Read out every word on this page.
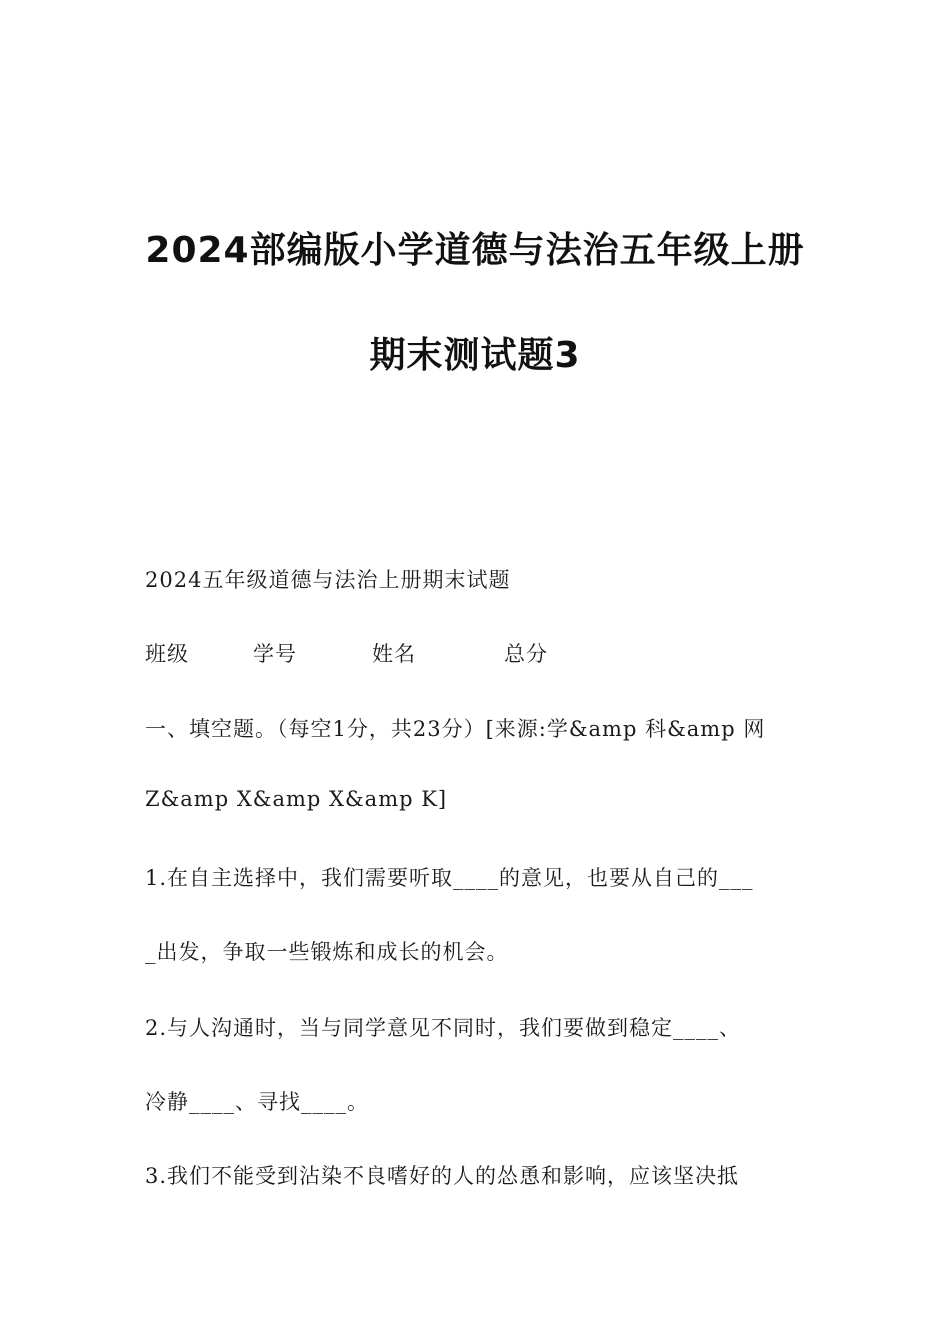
2024部编版小学道德与法治五年级上册
期末测试题3
2024五年级道德与法治上册期末试题
班级	学号	姓名	总分
一、填空题。（每空1分，共23分）[来源:学&amp 科&amp 网
Z&amp X&amp X&amp K]
1.在自主选择中，我们需要听取____的意见，也要从自己的___
_出发，争取一些锻炼和成长的机会。
2.与人沟通时，当与同学意见不同时，我们要做到稳定____、
冷静____、寻找____。
3.我们不能受到沾染不良嗜好的人的怂恿和影响，应该坚决抵
